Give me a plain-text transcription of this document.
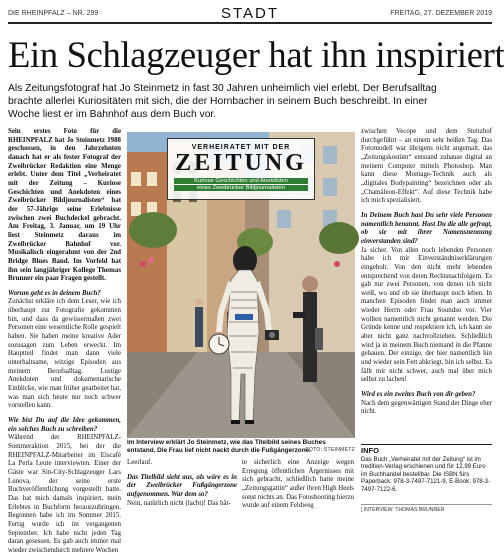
DIE RHEINPFALZ – NR. 299	STADT	FREITAG, 27. DEZEMBER 2019
Ein Schlagzeuger hat ihn inspiriert

Als Zeitungsfotograf hat Jo Steinmetz in fast 30 Jahren unheimlich viel erlebt. Der Berufsalltag brachte allerlei Kuriositäten mit sich, die der Hornbacher in seinem Buch beschreibt. In einer Woche liest er im Bahnhof aus dem Buch vor.

Sein erstes Foto für die RHEINPFALZ hat Jo Steinmetz 1988 geschossen, in den Jahrzehnten danach hat er als fester Fotograf der Zweibrücker Redaktion eine Menge erlebt. Unter dem Titel „Verheiratet mit der Zeitung – Kuriose Geschichten und Anekdoten eines Zweibrücker Bildjournalisten“ hat der 57-Jährige seine Erlebnisse zwischen zwei Buchdeckel gebracht. Am Freitag, 3. Januar, um 19 Uhr liest Steinmetz daraus im Zweibrücker Bahnhof vor. Musikalisch eingerahmt von der 2nd Bridge Blues Band. Im Vorfeld hat ihn sein langjähriger Kollege Thomas Brunner ein paar Fragen gestellt.

Worum geht es in deinem Buch?
Zunächst erkläre ich dem Leser, wie ich überhaupt zur Fotografie gekommen bin, und dass da gewissermaßen zwei Personen eine wesentliche Rolle gespielt haben. Sie haben meine kreative Ader sozusagen zum Leben erweckt. Im Hauptteil findet man dann viele unterhaltsame, witzige Episoden aus meinem Berufsalltag. Lustige Anekdoten und dokumentarische Einblicke, wie man früher gearbeitet hat, was man sich heute nur noch schwer vorstellen kann.

Wie bist Du auf die Idee gekommen, ein solches Buch zu schreiben?
Während der RHEINPFALZ-Sommeraktion 2015, bei der die RHEINPFALZ-Mitarbeiter im Eiscafé La Perla Leute interviewten. Einer der Gäste war Sin-City-Schlagzeuger Lars Lunova, der seine erste Buchveröffentlichung vorgestellt hatte. Das hat mich damals inspiriert, mein Erlebtes in Buchform herauszubringen. Begonnen habe ich im Sommer 2015. Fertig wurde ich im vergangenen September. Ich habe nicht jeden Tag daran gesessen. Es gab auch immer mal wieder zwischendurch mehrere Wochen

VERHEIRATET MIT DER
ZEITUNG
Kuriose Geschichten und Anekdoten
eines Zweibrücker Bildjournalisten
Im Interview erklärt Jo Steinmetz, wie das Titelbild seines Buches entstand. Die Frau lief nicht nackt durch die Fußgängerzone.
FOTO: STEINMETZ

Leerlauf.

Das Titelbild sieht aus, als wäre es in der Zweibrücker Fußgängerzone aufgenommen. War dem so?
Nein, natürlich nicht (lacht)! Das hät-

te sicherlich eine Anzeige wegen Erregung öffentlichen Ärgernisses mit sich gebracht, schließlich hatte meine „Zeitungsgattin“ außer ihren High Heels sonst nichts an. Das Fotoshooting hierzu wurde auf einem Feldweg

zwischen Vecope und dem Steitzhof durchgeführt – an einem sehr heißen Tag. Das Fotomodell war übrigens nicht angemalt, das „Zeitungskostüm“ entstand zuhause digital an meinem Computer mittels Photoshop. Man kann diese Montage-Technik auch als „digitales Bodypainting“ bezeichnen oder als „Chamäleon-Effekt“. Auf diese Technik habe ich mich spezialisiert.

In Deinem Buch hast Du sehr viele Personen namentlich benannt. Hast Du die alle gefragt, ob sie mit ihrer Namensnennung einverstanden sind?
Ja sicher. Von allen noch lebenden Personen habe ich mir Einverständniserklärungen eingeholt. Von den nicht mehr lebenden entsprechend von deren Rechtsnachfolgern. Es gab nur zwei Personen, von denen ich nicht weiß, wo und ob sie überhaupt noch leben. In manchen Episoden findet man auch immer wieder Herrn oder Frau Soundso vor. Vier wollten namentlich nicht genannt werden. Die Gründe kenne und respektiere ich, ich kann sie aber nicht ganz nachvollziehen. Schließlich wird ja in meinem Buch niemand in die Pfanne gehauen. Der einzige, der hier namentlich hin und wieder sein Fett abkriegt, bin ich selbst. Es fällt mir nicht schwer, auch mal über mich selbst zu lachen!

Wird es ein zweites Buch von dir geben?
Nach dem gegenwärtigen Stand der Dinge eher nicht.

INFO
Das Buch „Verheiratet mit der Zeitung“ ist im tredition-Verlag erschienen und für 12,99 Euro im Buchhandel bestellbar. Die ISBN fürs Paperback: 978-3-7497-7121-9, E-Book: 978-3-7497-7122-6.
| INTERVIEW: THOMAS BRUNNER
